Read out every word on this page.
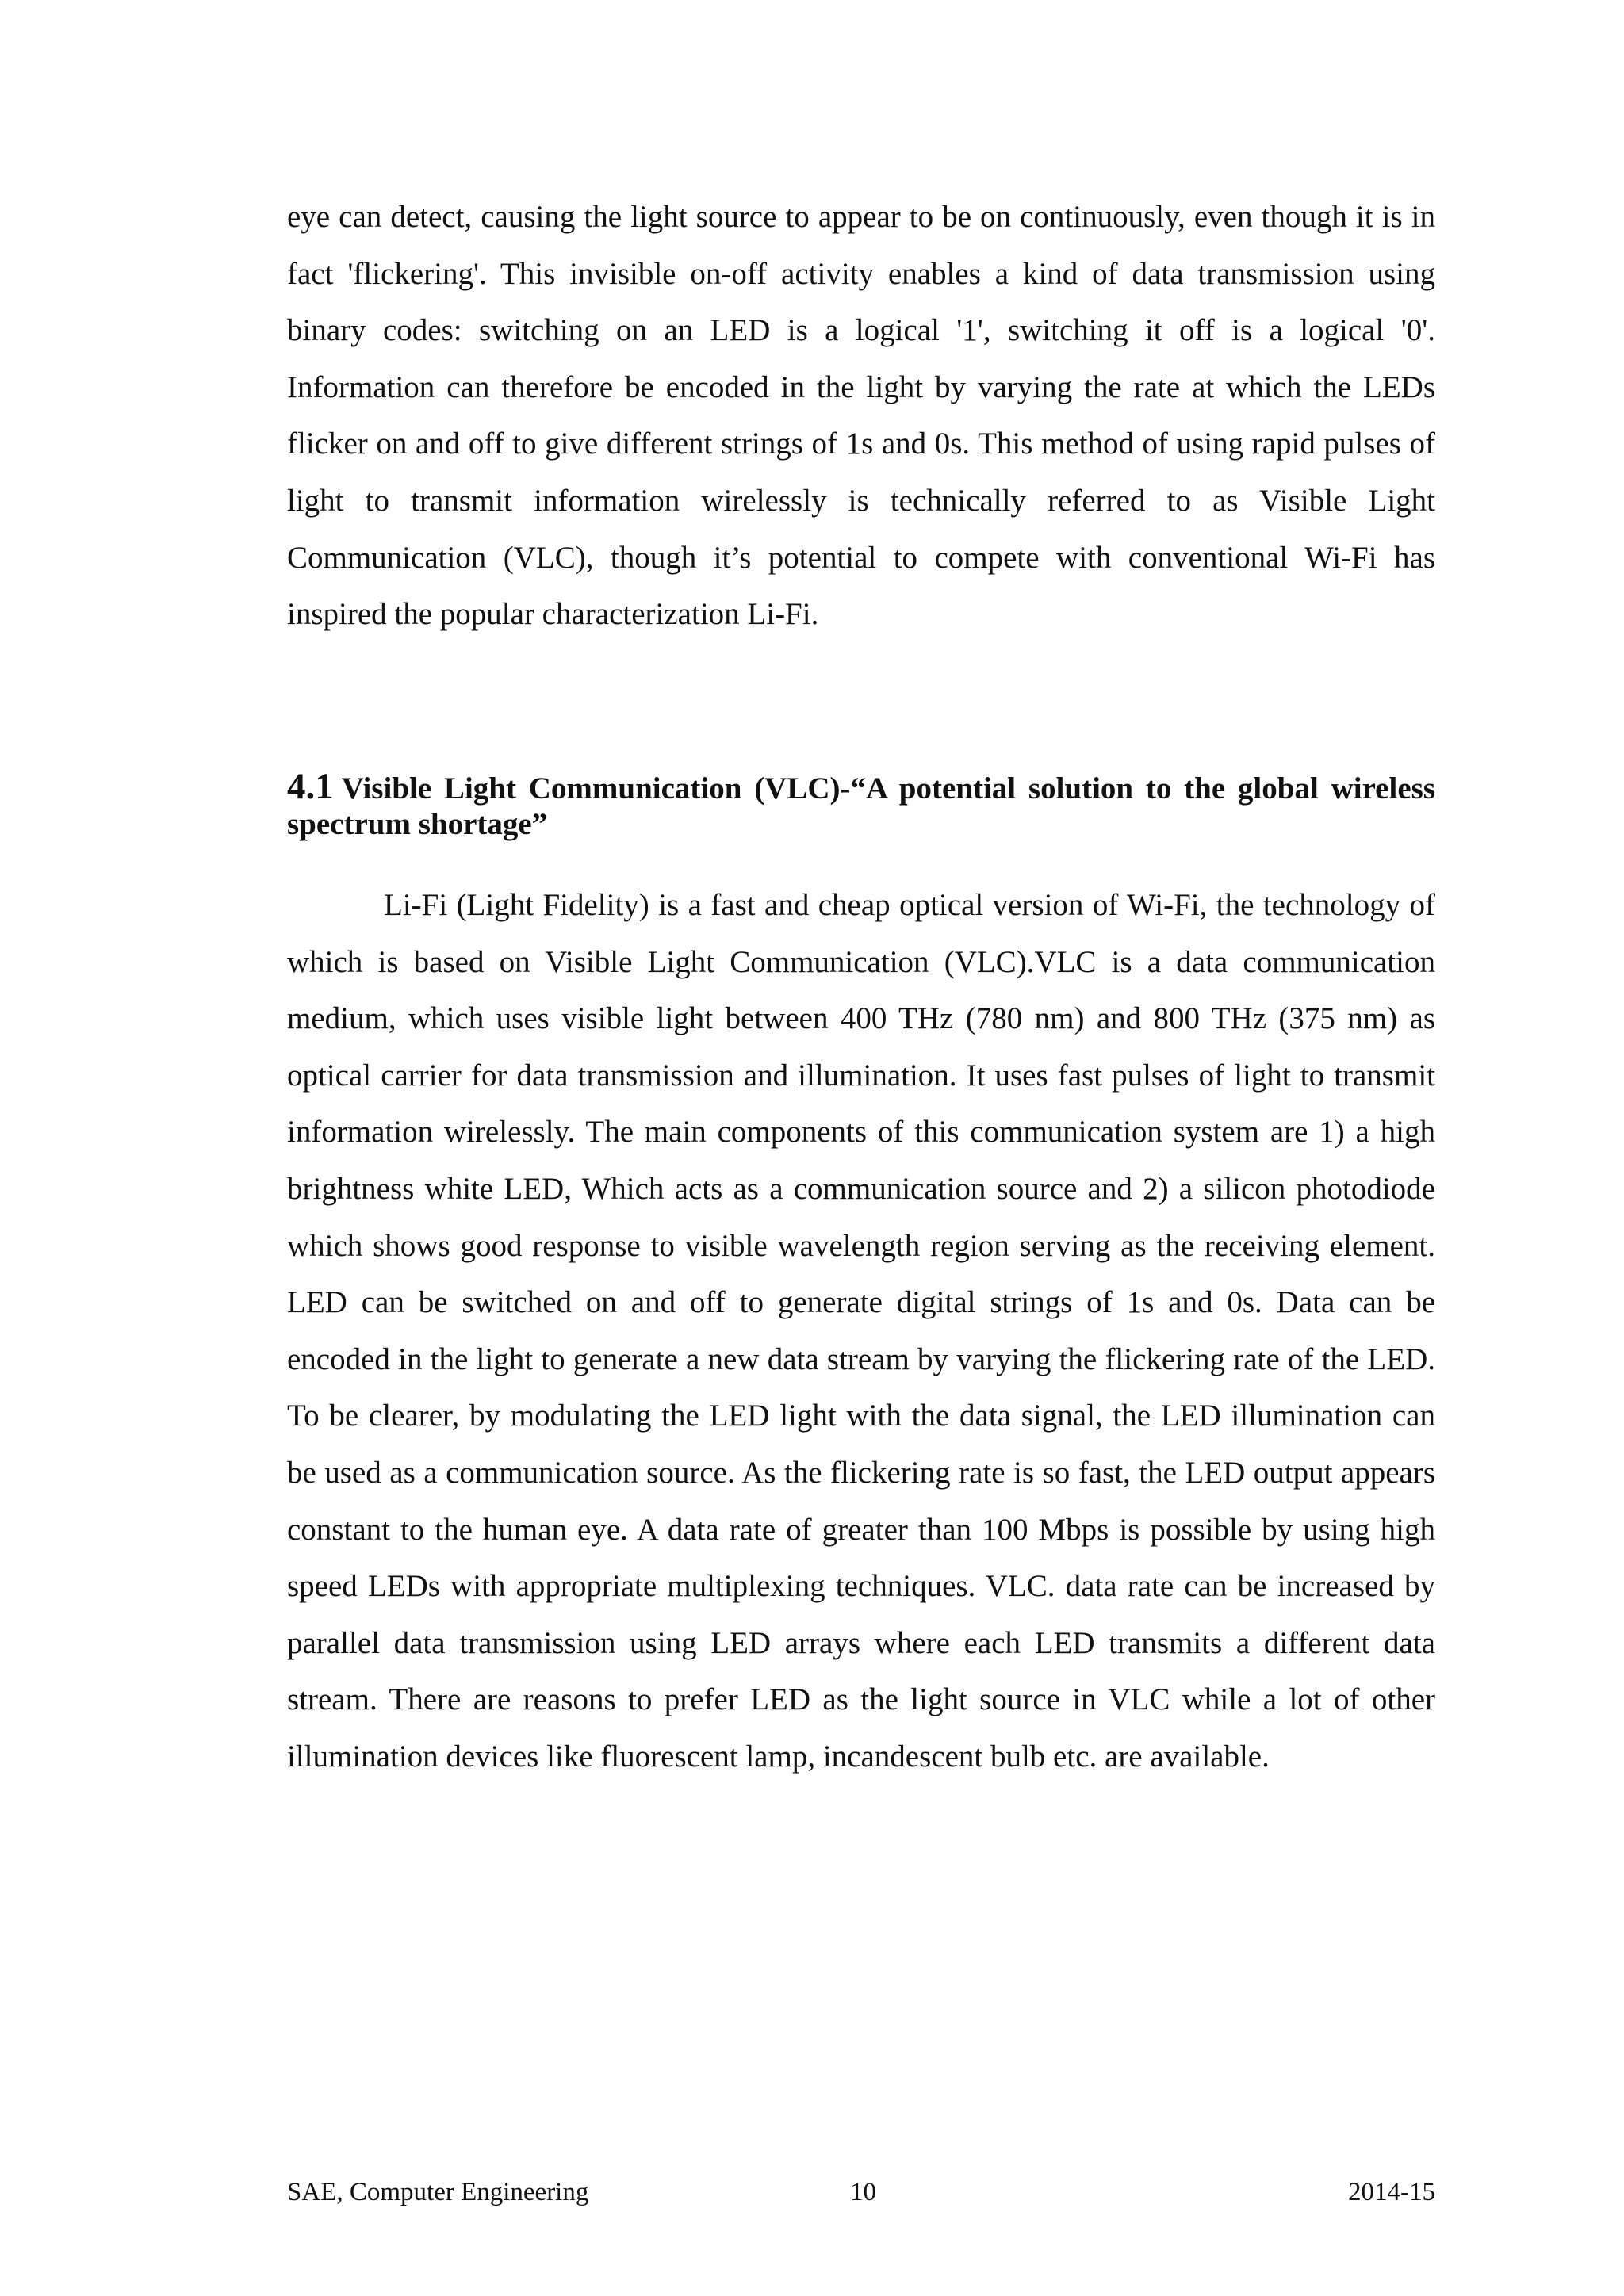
eye can detect, causing the light source to appear to be on continuously, even though it is in fact 'flickering'. This invisible on-off activity enables a kind of data transmission using binary codes: switching on an LED is a logical '1', switching it off is a logical '0'. Information can therefore be encoded in the light by varying the rate at which the LEDs flicker on and off to give different strings of 1s and 0s. This method of using rapid pulses of light to transmit information wirelessly is technically referred to as Visible Light Communication (VLC), though it’s potential to compete with conventional Wi-Fi has inspired the popular characterization Li-Fi.

4.1 Visible Light Communication (VLC)-“A potential solution to the global wireless spectrum shortage”

Li-Fi (Light Fidelity) is a fast and cheap optical version of Wi-Fi, the technology of which is based on Visible Light Communication (VLC).VLC is a data communication medium, which uses visible light between 400 THz (780 nm) and 800 THz (375 nm) as optical carrier for data transmission and illumination. It uses fast pulses of light to transmit information wirelessly. The main components of this communication system are 1) a high brightness white LED, Which acts as a communication source and 2) a silicon photodiode which shows good response to visible wavelength region serving as the receiving element. LED can be switched on and off to generate digital strings of 1s and 0s. Data can be encoded in the light to generate a new data stream by varying the flickering rate of the LED. To be clearer, by modulating the LED light with the data signal, the LED illumination can be used as a communication source. As the flickering rate is so fast, the LED output appears constant to the human eye. A data rate of greater than 100 Mbps is possible by using high speed LEDs with appropriate multiplexing techniques. VLC. data rate can be increased by parallel data transmission using LED arrays where each LED transmits a different data stream. There are reasons to prefer LED as the light source in VLC while a lot of other illumination devices like fluorescent lamp, incandescent bulb etc. are available.

SAE, Computer Engineering	10	2014-15
